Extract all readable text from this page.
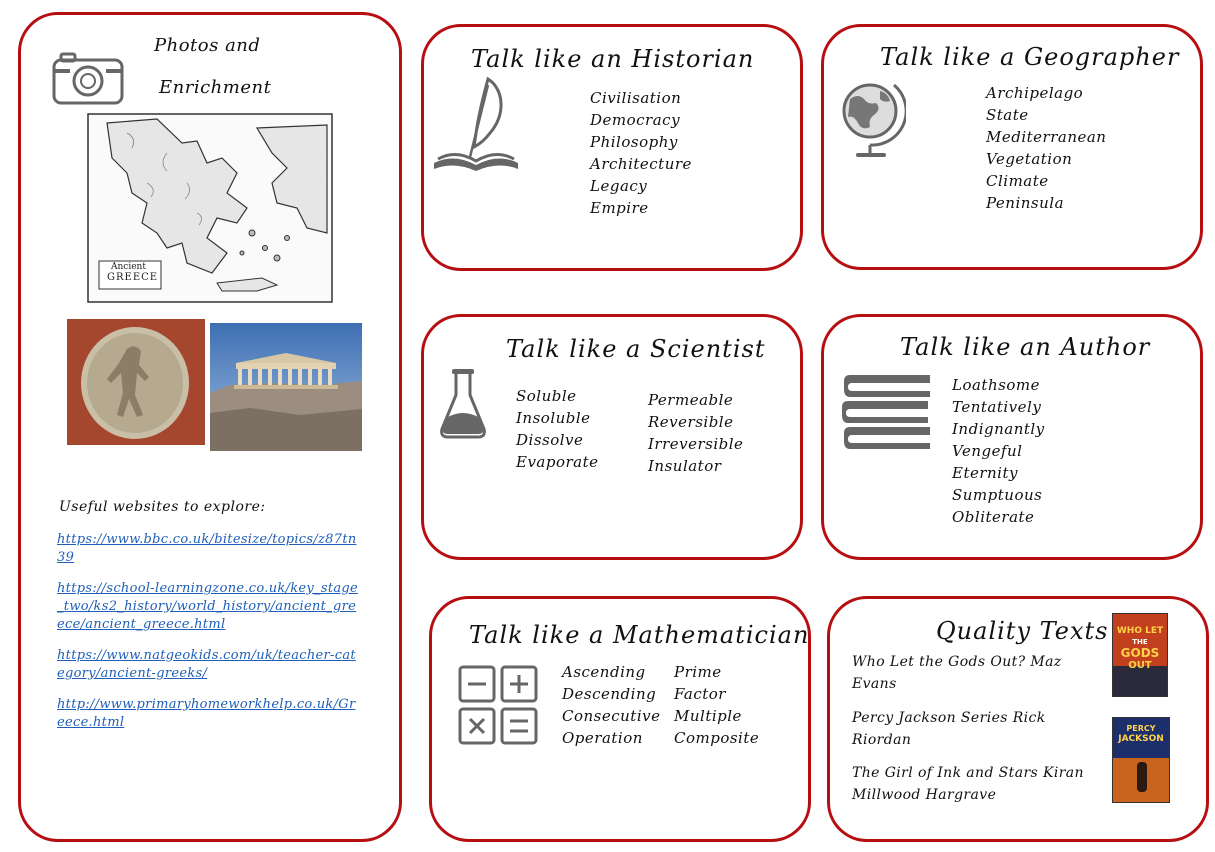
Photos and
Enrichment
Ancient
GREECE
Useful websites to explore:
https://www.bbc.co.uk/bitesize/topics/z87tn39
https://school-learningzone.co.uk/key_stage_two/ks2_history/world_history/ancient_greece/ancient_greece.html
https://www.natgeokids.com/uk/teacher-category/ancient-greeks/
http://www.primaryhomeworkhelp.co.uk/Greece.html
Talk like an Historian
Civilisation
Democracy
Philosophy
Architecture
Legacy
Empire
Talk like a Geographer
Archipelago
State
Mediterranean
Vegetation
Climate
Peninsula
Talk like a Scientist
Soluble
Insoluble
Dissolve
Evaporate
Permeable
Reversible
Irreversible
Insulator
Talk like an Author
Loathsome
Tentatively
Indignantly
Vengeful
Eternity
Sumptuous
Obliterate
Talk like a Mathematician
Ascending
Descending
Consecutive
Operation
Prime
Factor
Multiple
Composite
Quality Texts
Who Let the Gods Out? Maz Evans
Percy Jackson Series Rick Riordan
The Girl of Ink and Stars Kiran Millwood Hargrave
WHO LET
THE
GODS
OUT
PERCY
JACKSON
